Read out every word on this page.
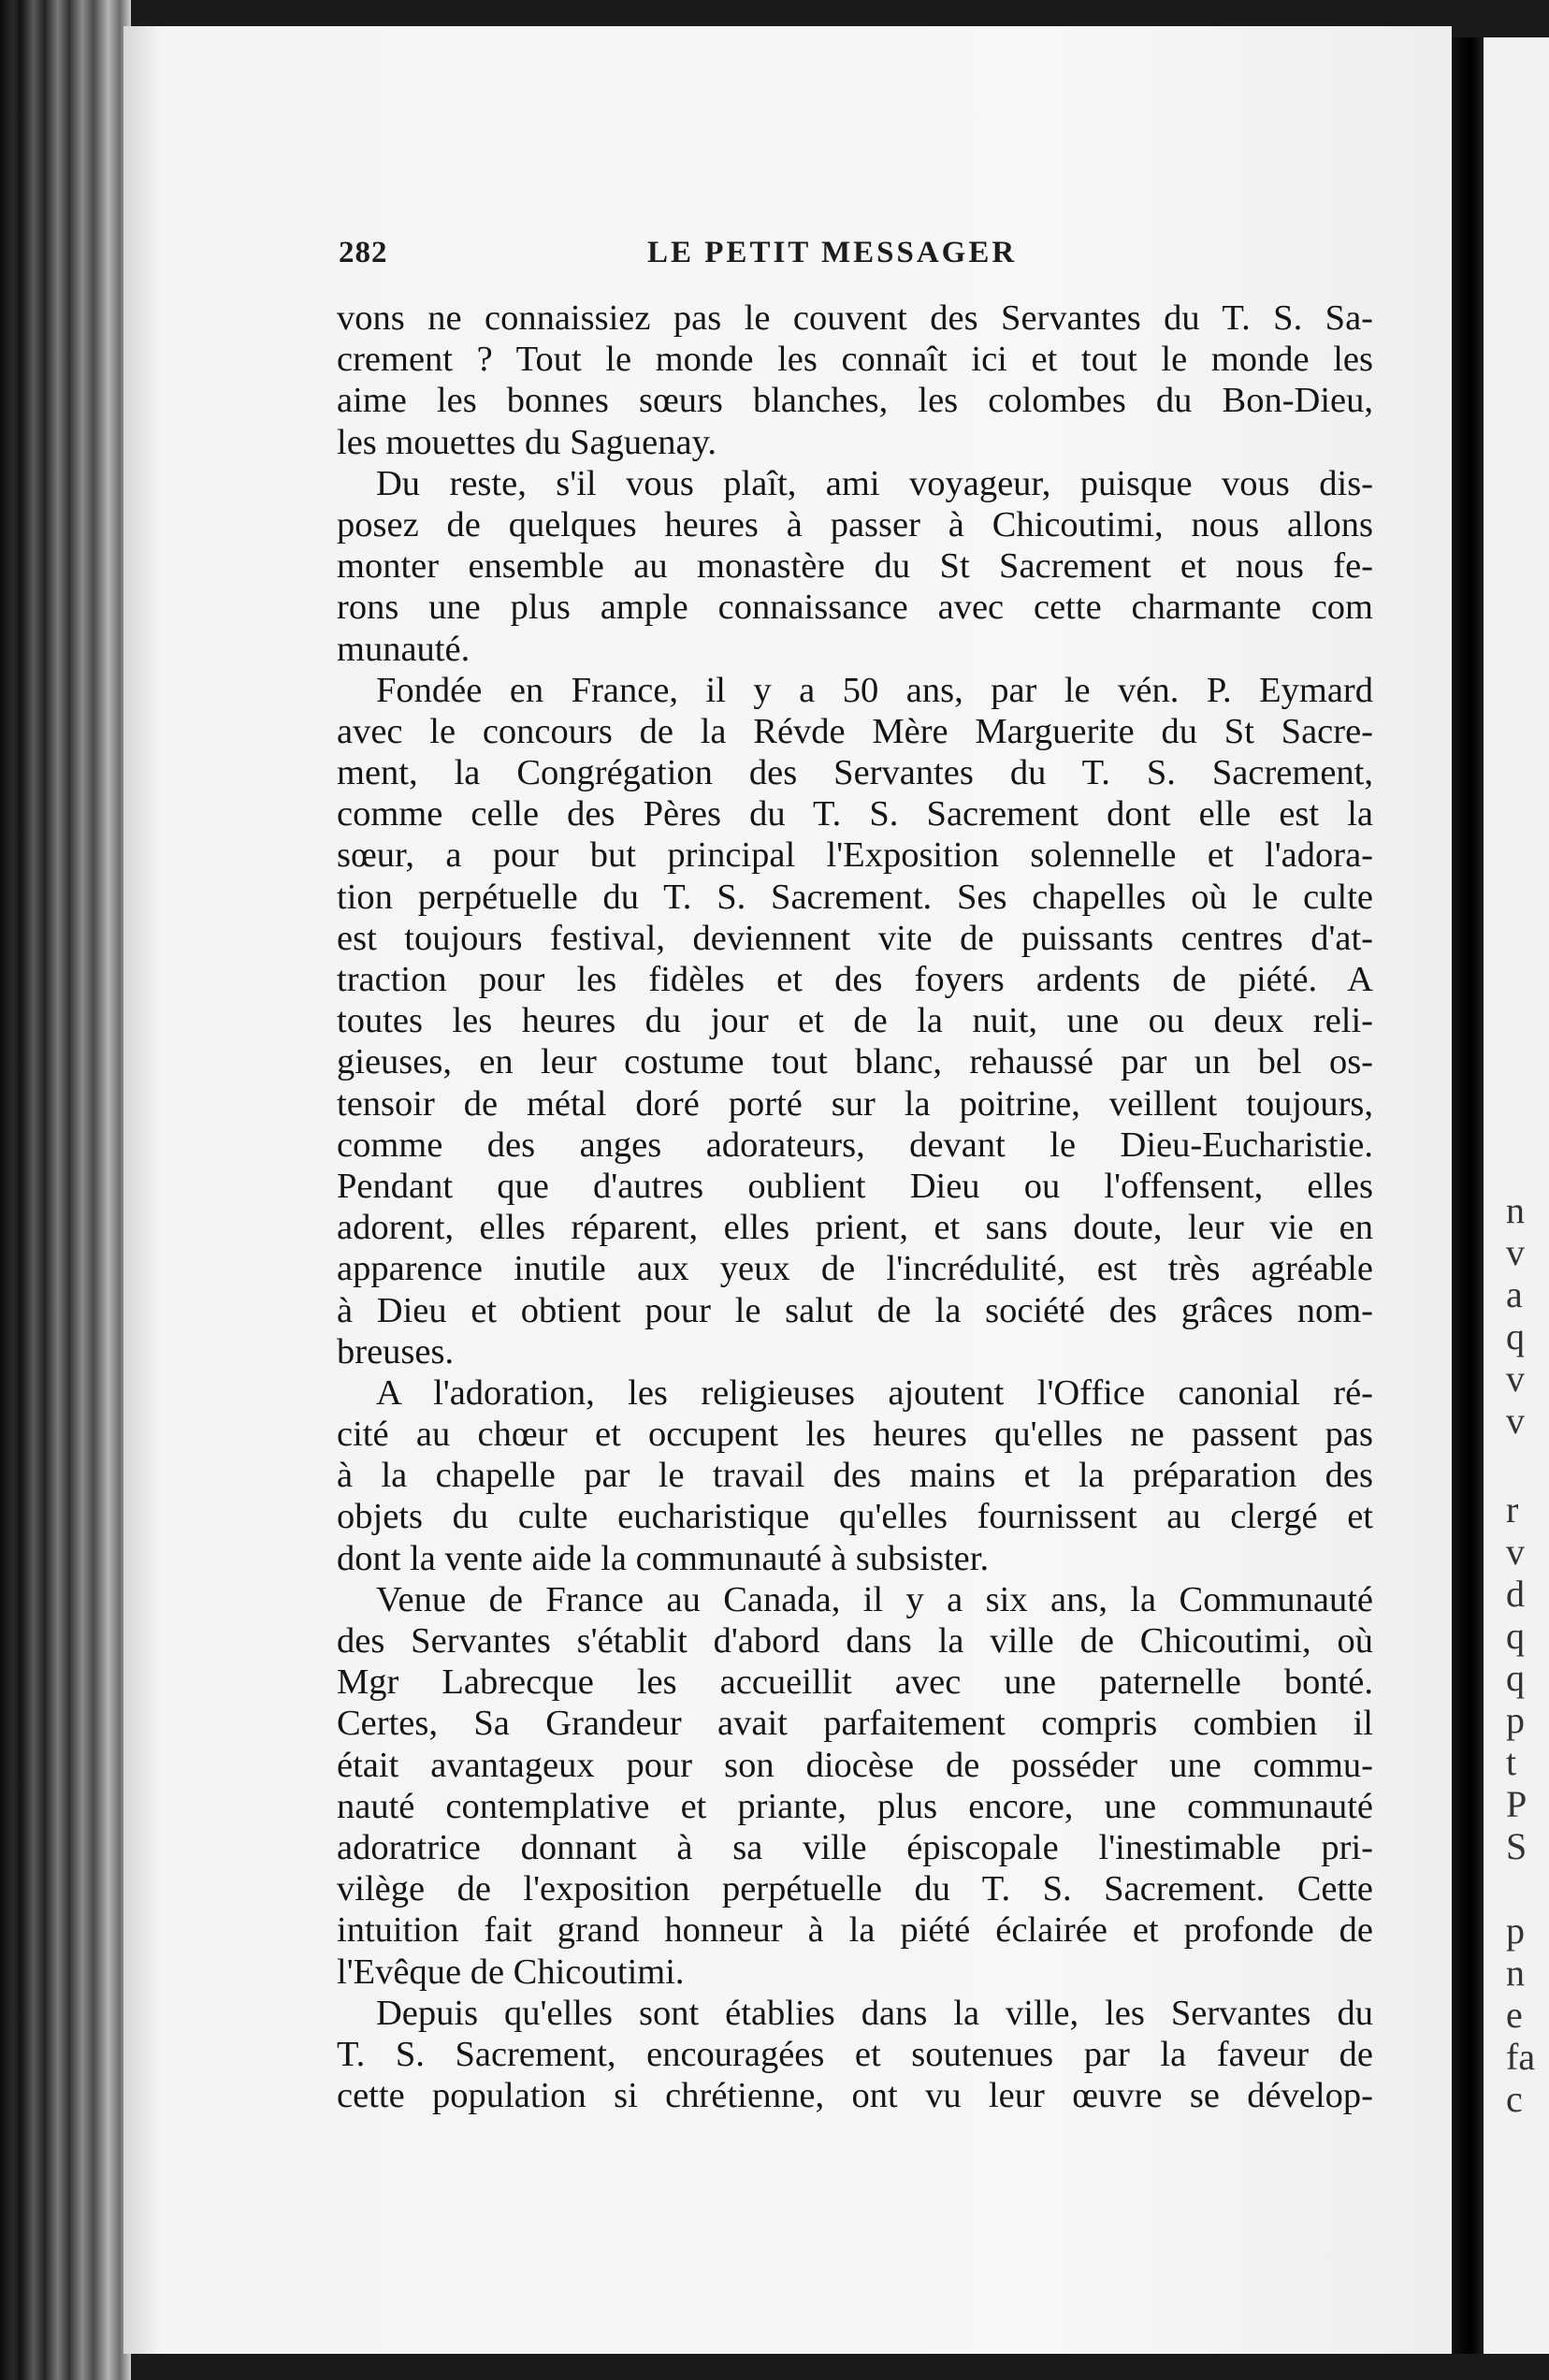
n
v
a
q
v
v
r
v
d
q
q
p
t
P
S
p
n
e
fa
c
282	LE PETIT MESSAGER
vons ne connaissiez pas le couvent des Servantes du T. S. Sa-
crement ? Tout le monde les connaît ici et tout le monde les
aime les bonnes sœurs blanches, les colombes du Bon-Dieu,
les mouettes du Saguenay.
Du reste, s'il vous plaît, ami voyageur, puisque vous dis-
posez de quelques heures à passer à Chicoutimi, nous allons
monter ensemble au monastère du St Sacrement et nous fe-
rons une plus ample connaissance avec cette charmante com
munauté.
Fondée en France, il y a 50 ans, par le vén. P. Eymard
avec le concours de la Révde Mère Marguerite du St Sacre-
ment, la Congrégation des Servantes du T. S. Sacrement,
comme celle des Pères du T. S. Sacrement dont elle est la
sœur, a pour but principal l'Exposition solennelle et l'adora-
tion perpétuelle du T. S. Sacrement. Ses chapelles où le culte
est toujours festival, deviennent vite de puissants centres d'at-
traction pour les fidèles et des foyers ardents de piété. A
toutes les heures du jour et de la nuit, une ou deux reli-
gieuses, en leur costume tout blanc, rehaussé par un bel os-
tensoir de métal doré porté sur la poitrine, veillent toujours,
comme des anges adorateurs, devant le Dieu-Eucharistie.
Pendant que d'autres oublient Dieu ou l'offensent, elles
adorent, elles réparent, elles prient, et sans doute, leur vie en
apparence inutile aux yeux de l'incrédulité, est très agréable
à Dieu et obtient pour le salut de la société des grâces nom-
breuses.
A l'adoration, les religieuses ajoutent l'Office canonial ré-
cité au chœur et occupent les heures qu'elles ne passent pas
à la chapelle par le travail des mains et la préparation des
objets du culte eucharistique qu'elles fournissent au clergé et
dont la vente aide la communauté à subsister.
Venue de France au Canada, il y a six ans, la Communauté
des Servantes s'établit d'abord dans la ville de Chicoutimi, où
Mgr Labrecque les accueillit avec une paternelle bonté.
Certes, Sa Grandeur avait parfaitement compris combien il
était avantageux pour son diocèse de posséder une commu-
nauté contemplative et priante, plus encore, une communauté
adoratrice donnant à sa ville épiscopale l'inestimable pri-
vilège de l'exposition perpétuelle du T. S. Sacrement. Cette
intuition fait grand honneur à la piété éclairée et profonde de
l'Evêque de Chicoutimi.
Depuis qu'elles sont établies dans la ville, les Servantes du
T. S. Sacrement, encouragées et soutenues par la faveur de
cette population si chrétienne, ont vu leur œuvre se dévelop-
